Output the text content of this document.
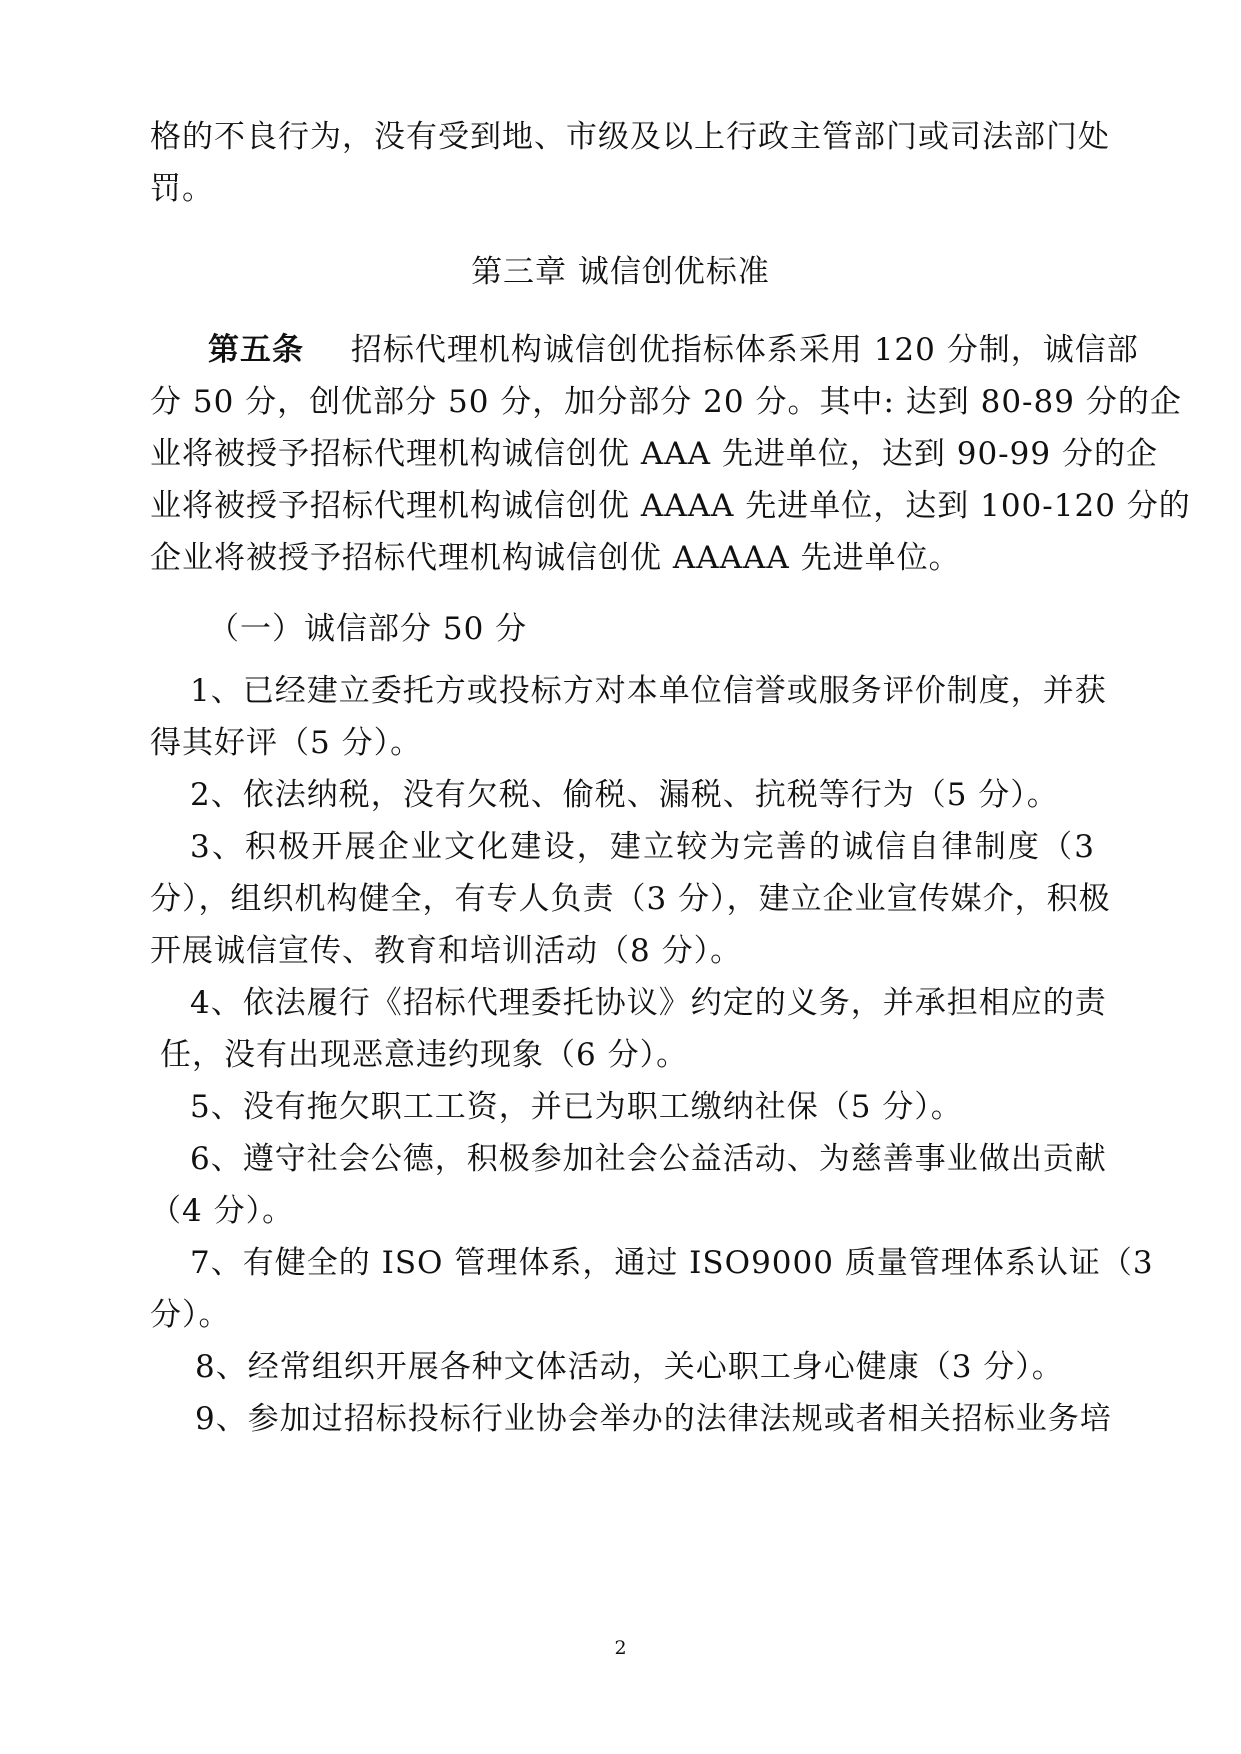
格的不良行为，没有受到地、市级及以上行政主管部门或司法部门处
罚。
第三章 诚信创优标准
第五条 招标代理机构诚信创优指标体系采用 120 分制，诚信部
分 50 分，创优部分 50 分，加分部分 20 分。其中: 达到 80-89 分的企
业将被授予招标代理机构诚信创优 AAA 先进单位，达到 90-99 分的企
业将被授予招标代理机构诚信创优 AAAA 先进单位，达到 100-120 分的
企业将被授予招标代理机构诚信创优 AAAAA 先进单位。
（一）诚信部分 50 分
1、已经建立委托方或投标方对本单位信誉或服务评价制度，并获
得其好评（5 分）。
2、依法纳税，没有欠税、偷税、漏税、抗税等行为（5 分）。
3、积极开展企业文化建设，建立较为完善的诚信自律制度（3
分），组织机构健全，有专人负责（3 分），建立企业宣传媒介，积极
开展诚信宣传、教育和培训活动（8 分）。
4、依法履行《招标代理委托协议》约定的义务，并承担相应的责
任，没有出现恶意违约现象（6 分）。
5、没有拖欠职工工资，并已为职工缴纳社保（5 分）。
6、遵守社会公德，积极参加社会公益活动、为慈善事业做出贡献
（4 分）。
7、有健全的 ISO 管理体系，通过 ISO9000 质量管理体系认证（3
分）。
8、经常组织开展各种文体活动，关心职工身心健康（3 分）。
9、参加过招标投标行业协会举办的法律法规或者相关招标业务培
2
